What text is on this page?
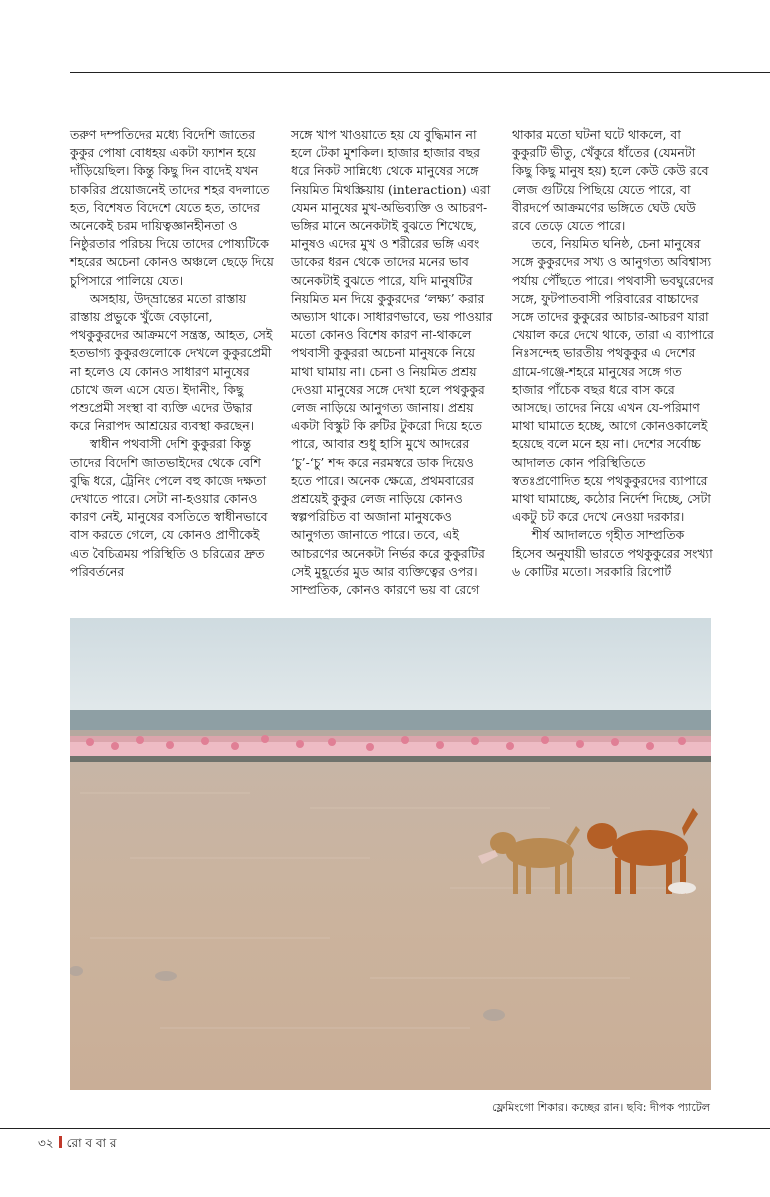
তরুণ দম্পতিদের মধ্যে বিদেশি জাতের কুকুর পোষা বোধহয় একটা ফ্যাশন হয়ে দাঁড়িয়েছিল। কিন্তু কিছু দিন বাদেই যখন চাকরির প্রয়োজনেই তাদের শহর বদলাতে হত, বিশেষত বিদেশে যেতে হত, তাদের অনেকেই চরম দায়িত্বজ্ঞানহীনতা ও নিষ্ঠুরতার পরিচয় দিয়ে তাদের পোষ্যটিকে শহরের অচেনা কোনও অঞ্চলে ছেড়ে দিয়ে চুপিসারে পালিয়ে যেত।

অসহায়, উদ্‌ভ্রান্তের মতো রাস্তায় রাস্তায় প্রভুকে খুঁজে বেড়ানো, পথকুকুরদের আক্রমণে সন্ত্রস্ত, আহত, সেই হতভাগ্য কুকুরগুলোকে দেখলে কুকুরপ্রেমী না হলেও যে কোনও সাধারণ মানুষের চোখে জল এসে যেত। ইদানীং, কিছু পশুপ্রেমী সংস্থা বা ব্যক্তি এদের উদ্ধার করে নিরাপদ আশ্রয়ের ব্যবস্থা করছেন।

স্বাধীন পথবাসী দেশি কুকুররা কিন্তু তাদের বিদেশি জাতভাইদের থেকে বেশি বুদ্ধি ধরে, ট্রেনিং পেলে বহু কাজে দক্ষতা দেখাতে পারে। সেটা না-হওয়ার কোনও কারণ নেই, মানুষের বসতিতে স্বাধীনভাবে বাস করতে গেলে, যে কোনও প্রাণীকেই এত বৈচিত্রময় পরিস্থিতি ও চরিত্রের দ্রুত পরিবর্তনের

সঙ্গে খাপ খাওয়াতে হয় যে বুদ্ধিমান না হলে টেকা মুশকিল। হাজার হাজার বছর ধরে নিকট সান্নিধ্যে থেকে মানুষের সঙ্গে নিয়মিত মিথস্ক্রিয়ায় (interaction) এরা যেমন মানুষের মুখ-অভিব্যক্তি ও আচরণ-ভঙ্গির মানে অনেকটাই বুঝতে শিখেছে, মানুষও এদের মুখ ও শরীরের ভঙ্গি এবং ডাকের ধরন থেকে তাদের মনের ভাব অনেকটাই বুঝতে পারে, যদি মানুষটির নিয়মিত মন দিয়ে কুকুরদের ‘লক্ষ্য’ করার অভ্যাস থাকে। সাধারণভাবে, ভয় পাওয়ার মতো কোনও বিশেষ কারণ না-থাকলে পথবাসী কুকুররা অচেনা মানুষকে নিয়ে মাথা ঘামায় না। চেনা ও নিয়মিত প্রশ্রয় দেওয়া মানুষের সঙ্গে দেখা হলে পথকুকুর লেজ নাড়িয়ে আনুগত্য জানায়। প্রশ্রয় একটা বিস্কুট কি রুটির টুকরো দিয়ে হতে পারে, আবার শুধু হাসি মুখে আদরের ‘চু’-‘চু’ শব্দ করে নরমস্বরে ডাক দিয়েও হতে পারে। অনেক ক্ষেত্রে, প্রথমবারের প্রশ্রয়েই কুকুর লেজ নাড়িয়ে কোনও স্বল্পপরিচিত বা অজানা মানুষকেও আনুগত্য জানাতে পারে। তবে, এই আচরণের অনেকটা নির্ভর করে কুকুরটির সেই মুহূর্তের মুড আর ব্যক্তিত্বের ওপর। সাম্প্রতিক, কোনও কারণে ভয় বা রেগে

থাকার মতো ঘটনা ঘটে থাকলে, বা কুকুরটি ভীতু, খেঁকুরে ধাঁতের (যেমনটা কিছু কিছু মানুষ হয়) হলে কেউ কেউ রবে লেজ গুটিয়ে পিছিয়ে যেতে পারে, বা বীরদর্পে আক্রমণের ভঙ্গিতে ঘেউ ঘেউ রবে তেড়ে যেতে পারে।

তবে, নিয়মিত ঘনিষ্ঠ, চেনা মানুষের সঙ্গে কুকুরদের সখ্য ও আনুগত্য অবিশ্বাস্য পর্যায় পৌঁছতে পারে। পথবাসী ভবঘুরেদের সঙ্গে, ফুটপাতবাসী পরিবারের বাচ্চাদের সঙ্গে তাদের কুকুরের আচার-আচরণ যারা খেয়াল করে দেখে থাকে, তারা এ ব্যাপারে নিঃসন্দেহ ভারতীয় পথকুকুর এ দেশের গ্রামে-গঞ্জে-শহরে মানুষের সঙ্গে গত হাজার পাঁচেক বছর ধরে বাস করে আসছে। তাদের নিয়ে এখন যে-পরিমাণ মাথা ঘামাতে হচ্ছে, আগে কোনওকালেই হয়েছে বলে মনে হয় না। দেশের সর্বোচ্চ আদালত কোন পরিস্থিতিতে স্বতঃপ্রণোদিত হয়ে পথকুকুরদের ব্যাপারে মাথা ঘামাচ্ছে, কঠোর নির্দেশ দিচ্ছে, সেটা একটু চট করে দেখে নেওয়া দরকার।

শীর্ষ আদালতে গৃহীত সাম্প্রতিক হিসেব অনুযায়ী ভারতে পথকুকুরের সংখ্যা ৬ কোটির মতো। সরকারি রিপোর্ট

ফ্লেমিংগো শিকার। কচ্ছের রান। ছবি: দীপক প্যাটেল
৩২ রো ব বা র
